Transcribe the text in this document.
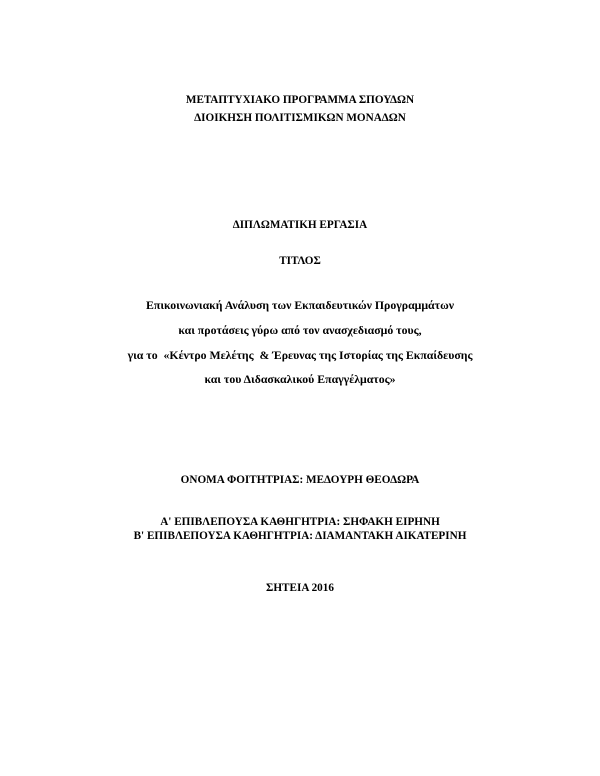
ΜΕΤΑΠΤΥΧΙΑΚΟ ΠΡΟΓΡΑΜΜΑ ΣΠΟΥΔΩΝ
ΔΙΟΙΚΗΣΗ ΠΟΛΙΤΙΣΜΙΚΩΝ ΜΟΝΑΔΩΝ
ΔΙΠΛΩΜΑΤΙΚΗ ΕΡΓΑΣΙΑ
ΤΙΤΛΟΣ
Επικοινωνιακή Ανάλυση των Εκπαιδευτικών Προγραμμάτων
και προτάσεις γύρω από τον ανασχεδιασμό τους,
για το  «Κέντρο Μελέτης  & Έρευνας της Ιστορίας της Εκπαίδευσης
και του Διδασκαλικού Επαγγέλματος»
ΟΝΟΜΑ ΦΟΙΤΗΤΡΙΑΣ: ΜΕΔΟΥΡΗ ΘΕΟΔΩΡΑ
Α' ΕΠΙΒΛΕΠΟΥΣΑ ΚΑΘΗΓΗΤΡΙΑ: ΣΗΦΑΚΗ ΕΙΡΗΝΗ
Β' ΕΠΙΒΛΕΠΟΥΣΑ ΚΑΘΗΓΗΤΡΙΑ: ΔΙΑΜΑΝΤΑΚΗ ΑΙΚΑΤΕΡΙΝΗ
ΣΗΤΕΙΑ 2016
